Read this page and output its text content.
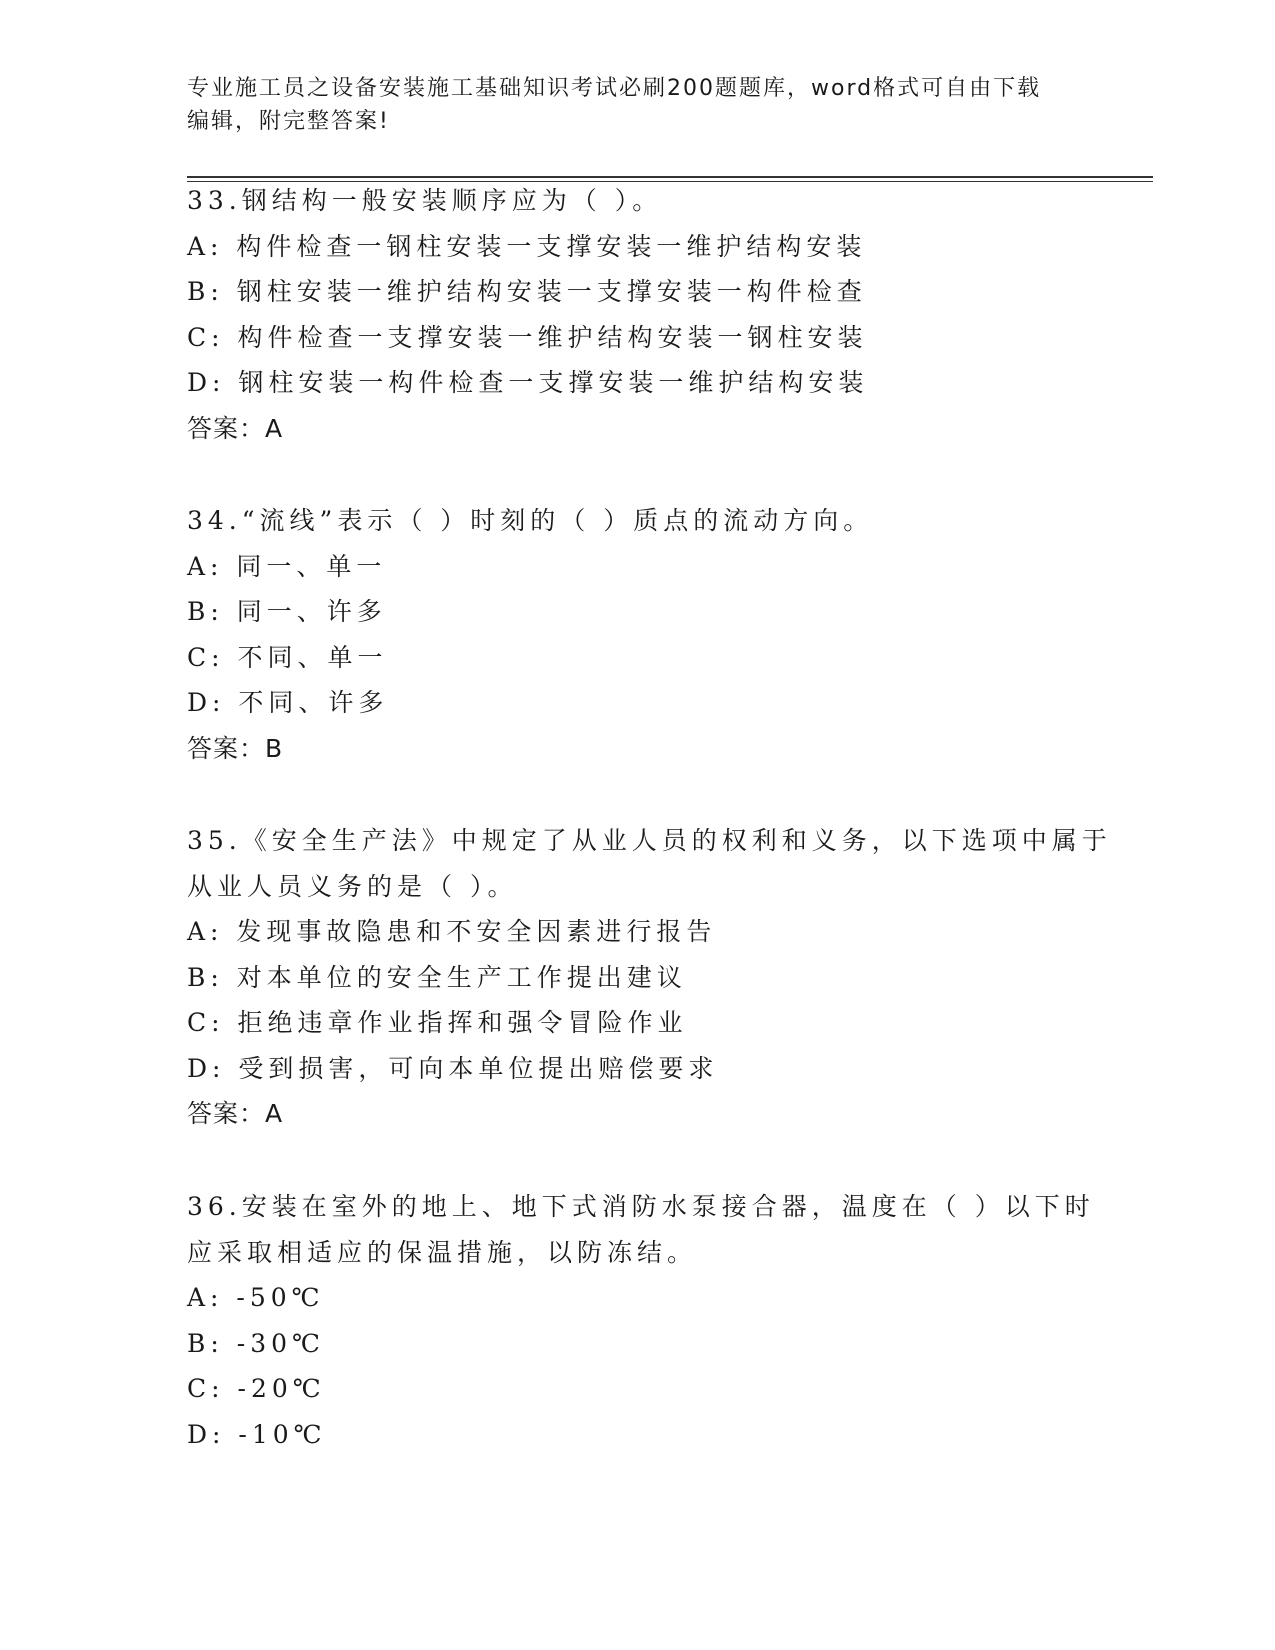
专业施工员之设备安装施工基础知识考试必刷200题题库，word格式可自由下载
编辑，附完整答案!
33.钢结构一般安装顺序应为（ ）。
A: 构件检查一钢柱安装一支撑安装一维护结构安装
B: 钢柱安装一维护结构安装一支撑安装一构件检查
C: 构件检查一支撑安装一维护结构安装一钢柱安装
D: 钢柱安装一构件检查一支撑安装一维护结构安装
答案：A
34.“流线”表示（ ）时刻的（ ）质点的流动方向。
A: 同一、单一
B: 同一、许多
C: 不同、单一
D: 不同、许多
答案：B
35.《安全生产法》中规定了从业人员的权利和义务，以下选项中属于
从业人员义务的是（ ）。
A: 发现事故隐患和不安全因素进行报告
B: 对本单位的安全生产工作提出建议
C: 拒绝违章作业指挥和强令冒险作业
D: 受到损害，可向本单位提出赔偿要求
答案：A
36.安装在室外的地上、地下式消防水泵接合器，温度在（ ）以下时
应采取相适应的保温措施，以防冻结。
A: -50℃
B: -30℃
C: -20℃
D: -10℃
